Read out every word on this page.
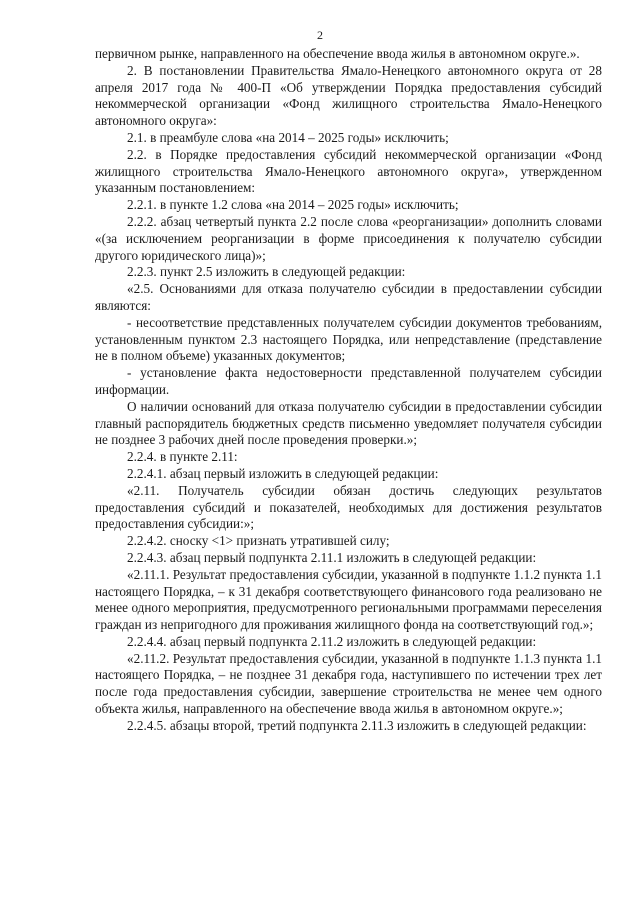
2

первичном рынке, направленного на обеспечение ввода жилья в автономном округе.».

2. В постановлении Правительства Ямало-Ненецкого автономного округа от 28 апреля 2017 года № 400-П «Об утверждении Порядка предоставления субсидий некоммерческой организации «Фонд жилищного строительства Ямало-Ненецкого автономного округа»:

2.1. в преамбуле слова «на 2014 – 2025 годы» исключить;

2.2. в Порядке предоставления субсидий некоммерческой организации «Фонд жилищного строительства Ямало-Ненецкого автономного округа», утвержденном указанным постановлением:

2.2.1. в пункте 1.2 слова «на 2014 – 2025 годы» исключить;

2.2.2. абзац четвертый пункта 2.2 после слова «реорганизации» дополнить словами «(за исключением реорганизации в форме присоединения к получателю субсидии другого юридического лица)»;

2.2.3. пункт 2.5 изложить в следующей редакции:

«2.5. Основаниями для отказа получателю субсидии в предоставлении субсидии являются:

- несоответствие представленных получателем субсидии документов требованиям, установленным пунктом 2.3 настоящего Порядка, или непредставление (представление не в полном объеме) указанных документов;

- установление факта недостоверности представленной получателем субсидии информации.

О наличии оснований для отказа получателю субсидии в предоставлении субсидии главный распорядитель бюджетных средств письменно уведомляет получателя субсидии не позднее 3 рабочих дней после проведения проверки.»;

2.2.4. в пункте 2.11:

2.2.4.1. абзац первый изложить в следующей редакции:

«2.11. Получатель субсидии обязан достичь следующих результатов предоставления субсидий и показателей, необходимых для достижения результатов предоставления субсидии:»;

2.2.4.2. сноску <1> признать утратившей силу;

2.2.4.3. абзац первый подпункта 2.11.1 изложить в следующей редакции:

«2.11.1. Результат предоставления субсидии, указанной в подпункте 1.1.2 пункта 1.1 настоящего Порядка, – к 31 декабря соответствующего финансового года реализовано не менее одного мероприятия, предусмотренного региональными программами переселения граждан из непригодного для проживания жилищного фонда на соответствующий год.»;

2.2.4.4. абзац первый подпункта 2.11.2 изложить в следующей редакции:

«2.11.2. Результат предоставления субсидии, указанной в подпункте 1.1.3 пункта 1.1 настоящего Порядка, – не позднее 31 декабря года, наступившего по истечении трех лет после года предоставления субсидии, завершение строительства не менее чем одного объекта жилья, направленного на обеспечение ввода жилья в автономном округе.»;

2.2.4.5. абзацы второй, третий подпункта 2.11.3 изложить в следующей редакции:
